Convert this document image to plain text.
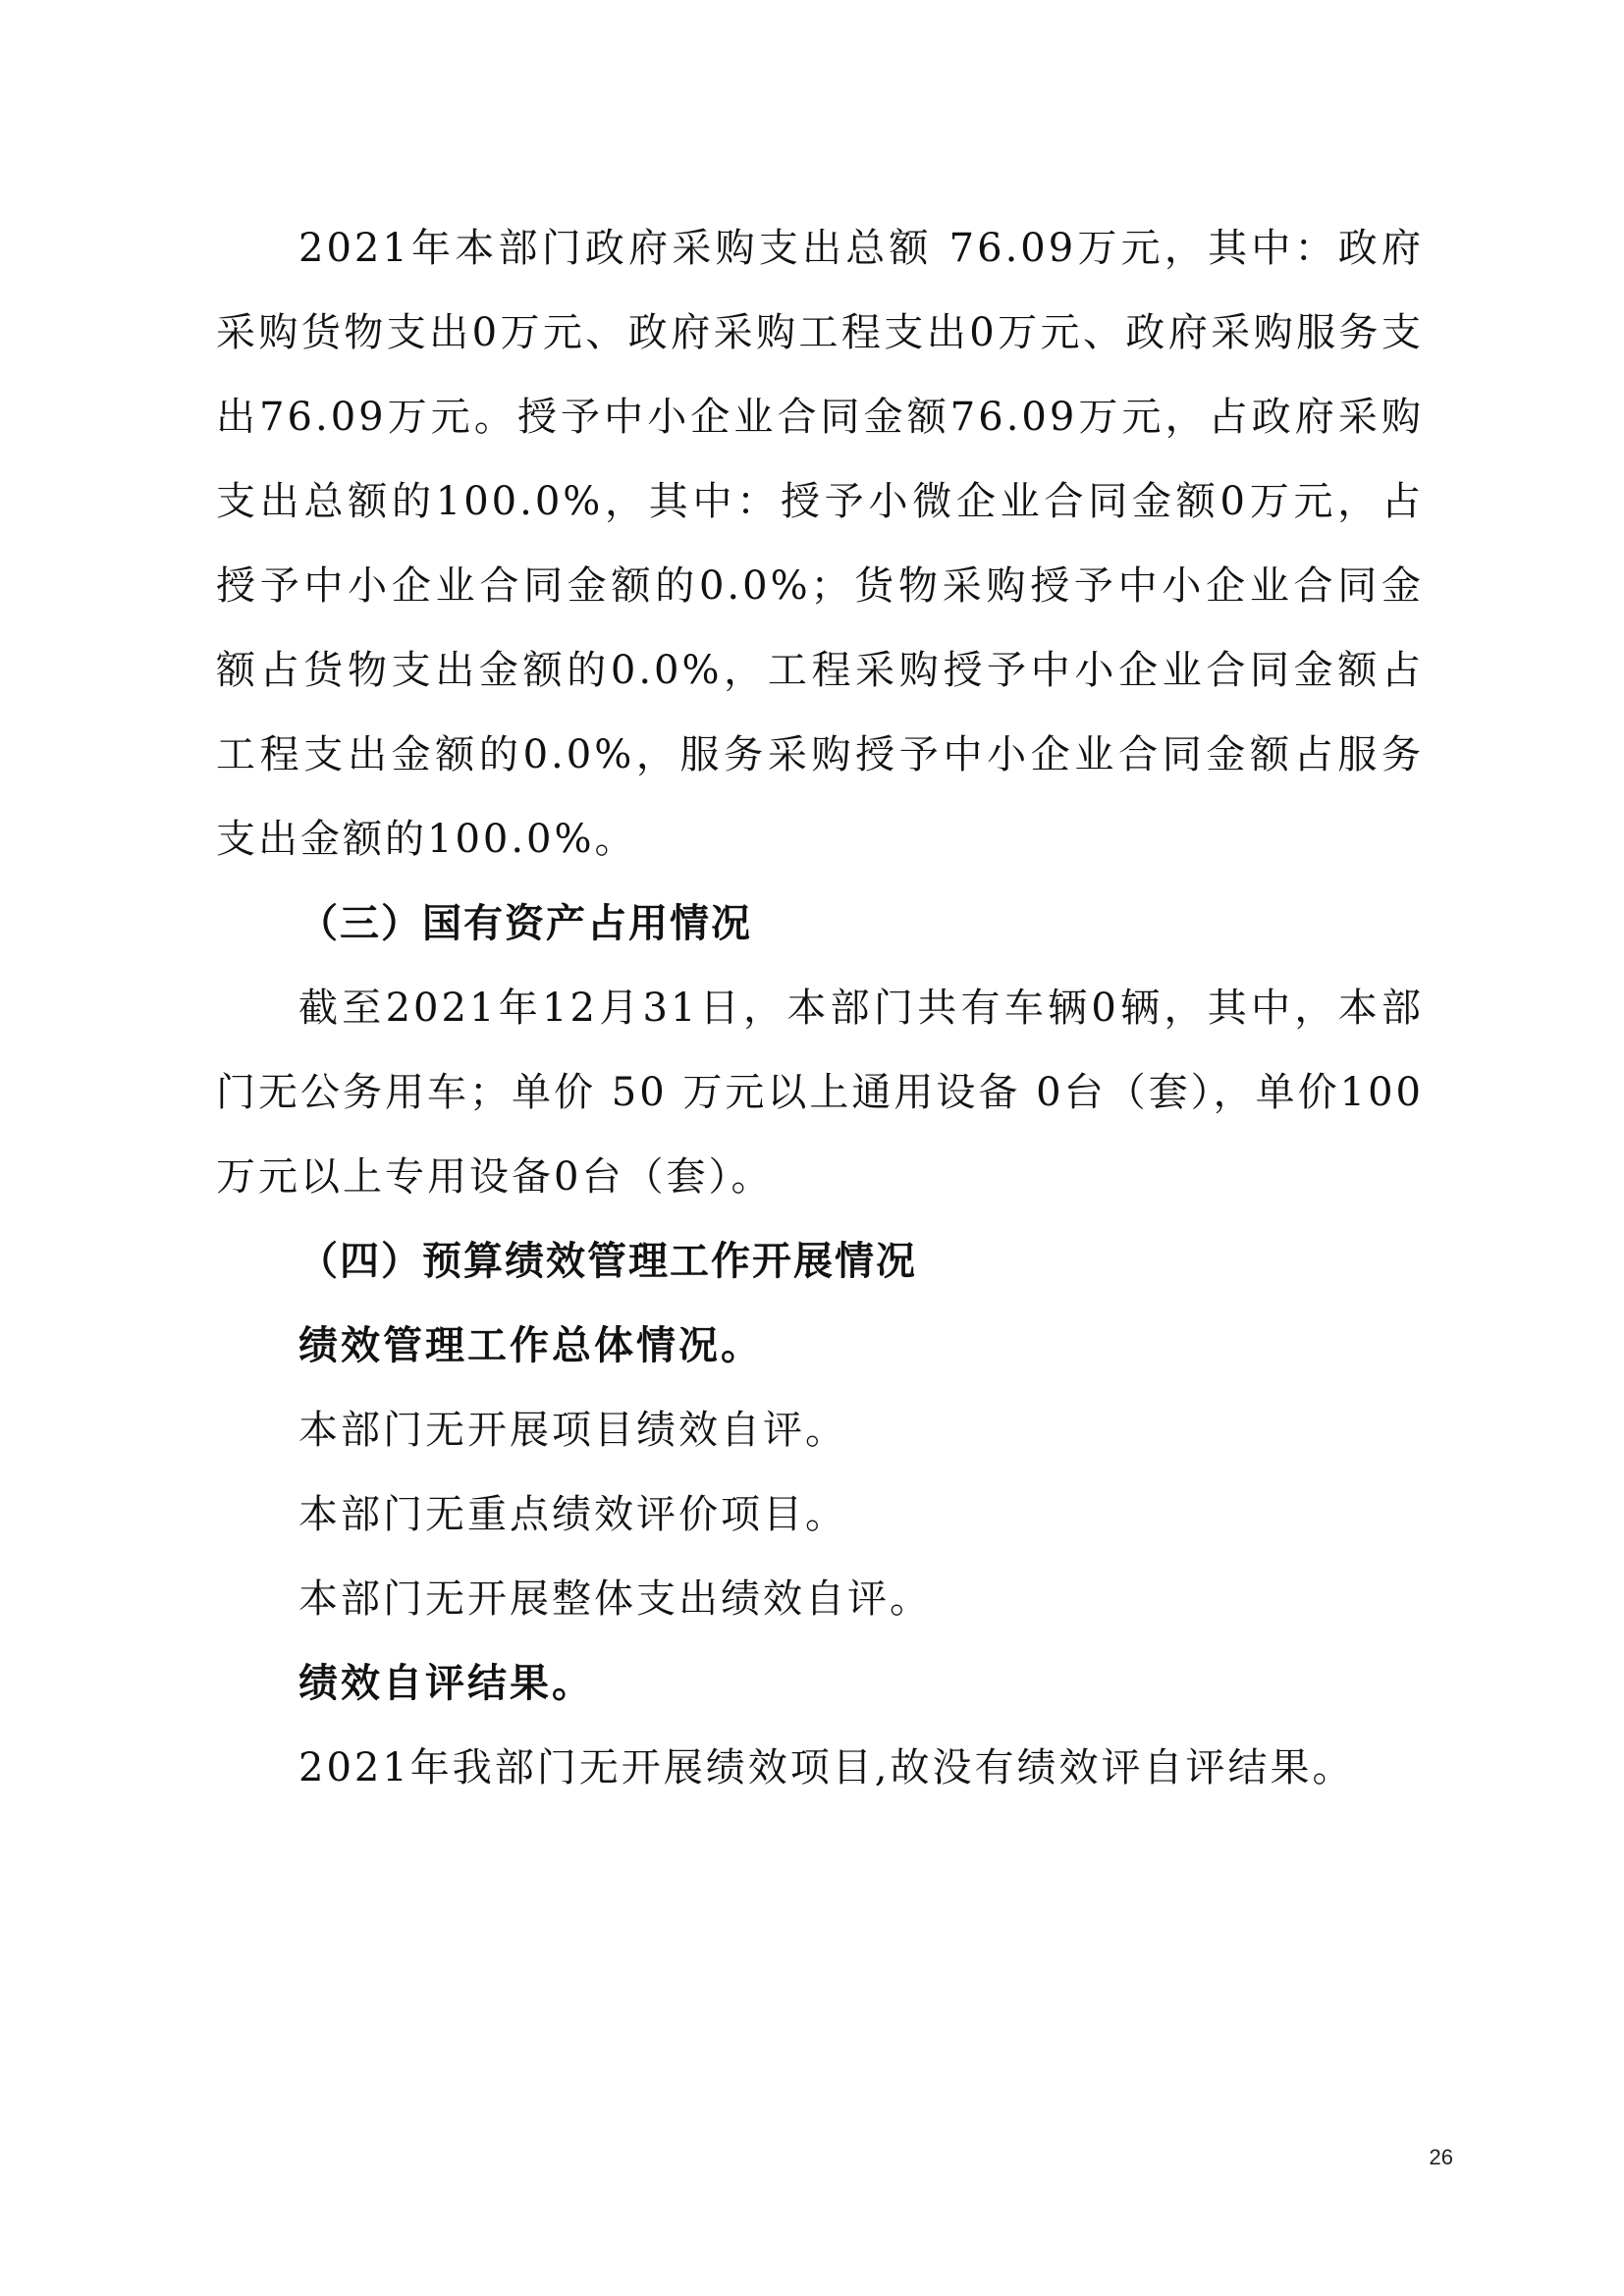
2021年本部门政府采购支出总额 76.09万元，其中：政府采购货物支出0万元、政府采购工程支出0万元、政府采购服务支出76.09万元。授予中小企业合同金额76.09万元，占政府采购支出总额的100.0%，其中：授予小微企业合同金额0万元，占授予中小企业合同金额的0.0%；货物采购授予中小企业合同金额占货物支出金额的0.0%，工程采购授予中小企业合同金额占工程支出金额的0.0%，服务采购授予中小企业合同金额占服务支出金额的100.0%。

（三）国有资产占用情况

截至2021年12月31日，本部门共有车辆0辆，其中，本部门无公务用车；单价 50 万元以上通用设备 0台（套），单价100万元以上专用设备0台（套）。

（四）预算绩效管理工作开展情况

绩效管理工作总体情况。

本部门无开展项目绩效自评。

本部门无重点绩效评价项目。

本部门无开展整体支出绩效自评。

绩效自评结果。

2021年我部门无开展绩效项目,故没有绩效评自评结果。

26
